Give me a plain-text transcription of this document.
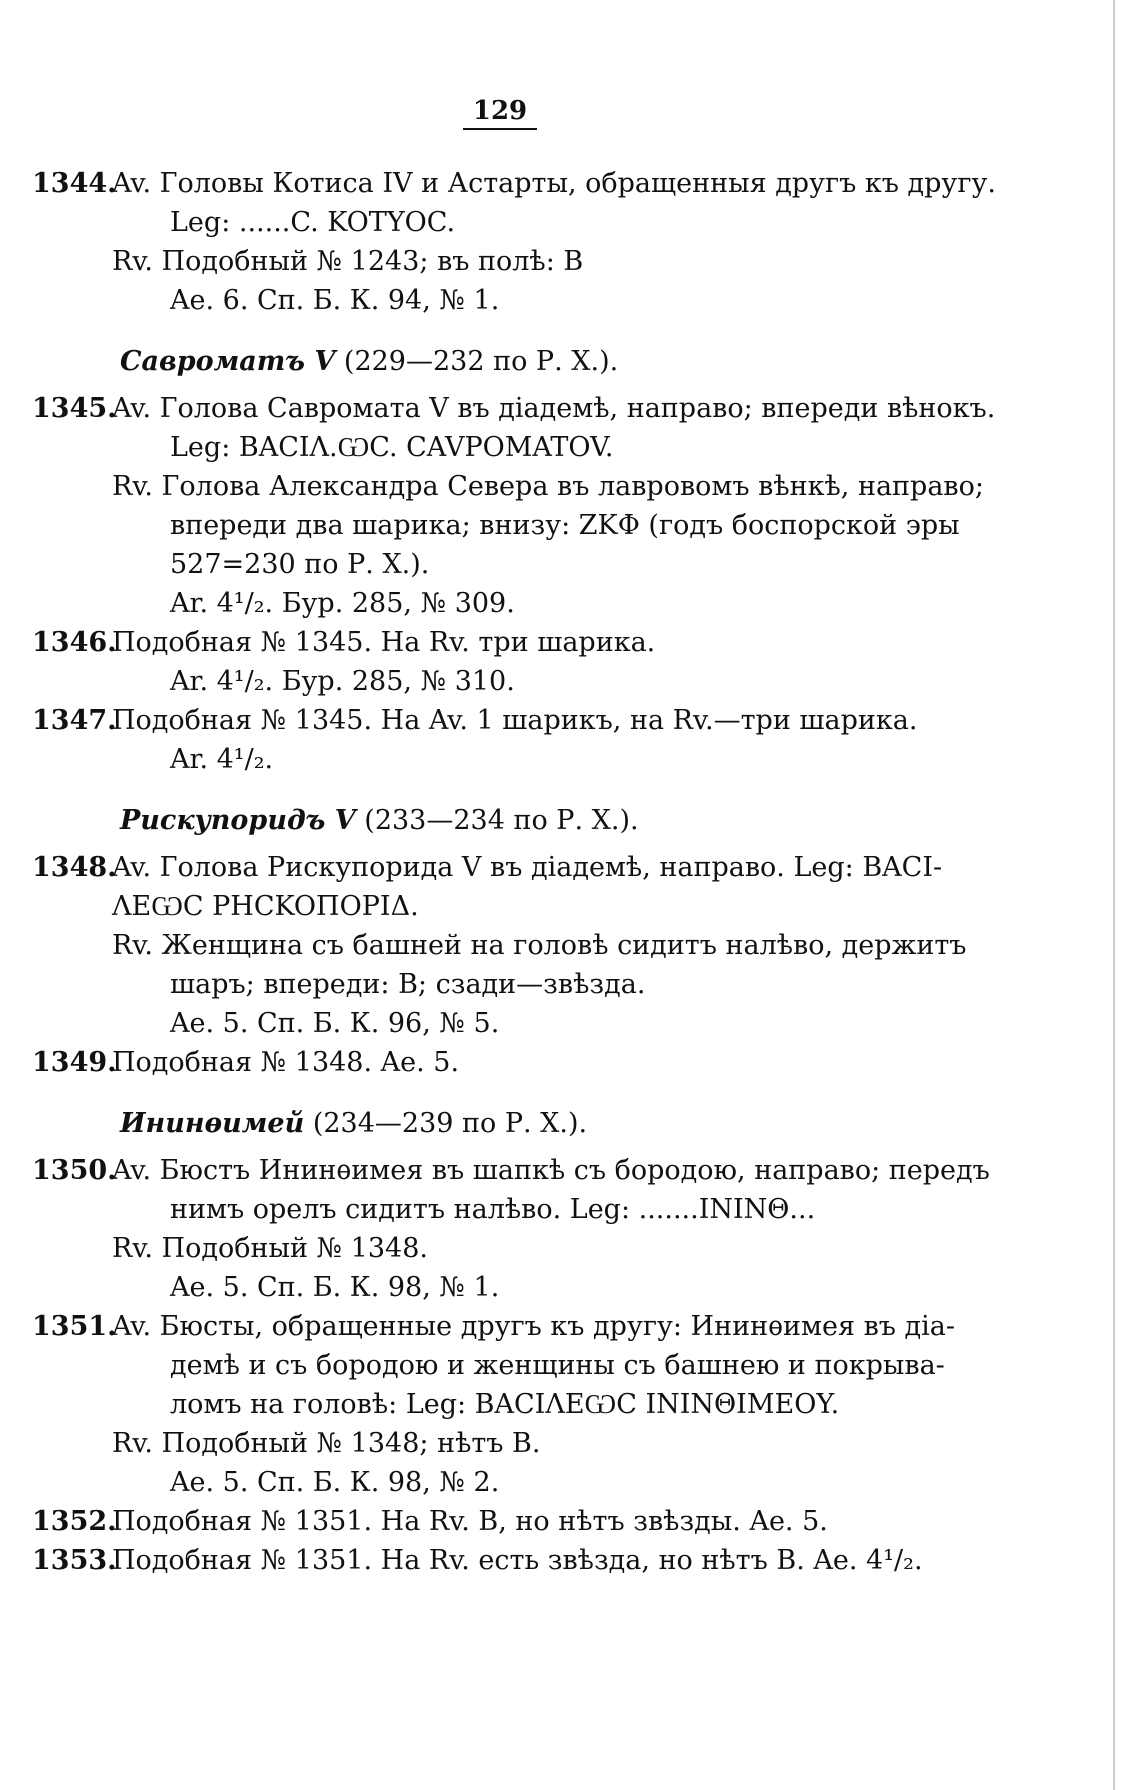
129
1344.Av. Головы Котиса IV и Астарты, обращенныя другъ къ другу.
Leg: ......C. KOTYOC.
Rv. Подобный № 1243; въ полѣ: B
Ae. 6. Сп. Б. К. 94, № 1.
Савроматъ V (229—232 по Р. Х.).
1345.Av. Голова Савромата V въ діадемѣ, направо; впереди вѣнокъ.
Leg: BACIΛ.ѠC. CAVPOMATOV.
Rv. Голова Александра Севера въ лавровомъ вѣнкѣ, направо;
впереди два шарика; внизу: ZKΦ (годъ боспорской эры
527=230 по Р. Х.).
Ar. 4¹/₂. Бур. 285, № 309.
1346.Подобная № 1345. На Rv. три шарика.
Ar. 4¹/₂. Бур. 285, № 310.
1347.Подобная № 1345. На Av. 1 шарикъ, на Rv.—три шарика.
Ar. 4¹/₂.
Рискупоридъ V (233—234 по Р. Х.).
1348.Av. Голова Рискупорида V въ діадемѣ, направо. Leg: BACI-
ΛΕѠC PHCKOПOPIΔ.
Rv. Женщина съ башней на головѣ сидитъ налѣво, держитъ
шаръ; впереди: B; сзади—звѣзда.
Ae. 5. Сп. Б. К. 96, № 5.
1349.Подобная № 1348. Ae. 5.
Ининѳимей (234—239 по Р. Х.).
1350.Av. Бюстъ Ининѳимея въ шапкѣ съ бородою, направо; передъ
нимъ орелъ сидитъ налѣво. Leg: .......ININΘ...
Rv. Подобный № 1348.
Ae. 5. Сп. Б. К. 98, № 1.
1351.Av. Бюсты, обращенные другъ къ другу: Ининѳимея въ діа-
демѣ и съ бородою и женщины съ башнею и покрыва-
ломъ на головѣ: Leg: BACIΛΕѠC ININΘIMΕOY.
Rv. Подобный № 1348; нѣтъ B.
Ae. 5. Сп. Б. К. 98, № 2.
1352.Подобная № 1351. На Rv. B, но нѣтъ звѣзды. Ae. 5.
1353.Подобная № 1351. На Rv. есть звѣзда, но нѣтъ B. Ae. 4¹/₂.
